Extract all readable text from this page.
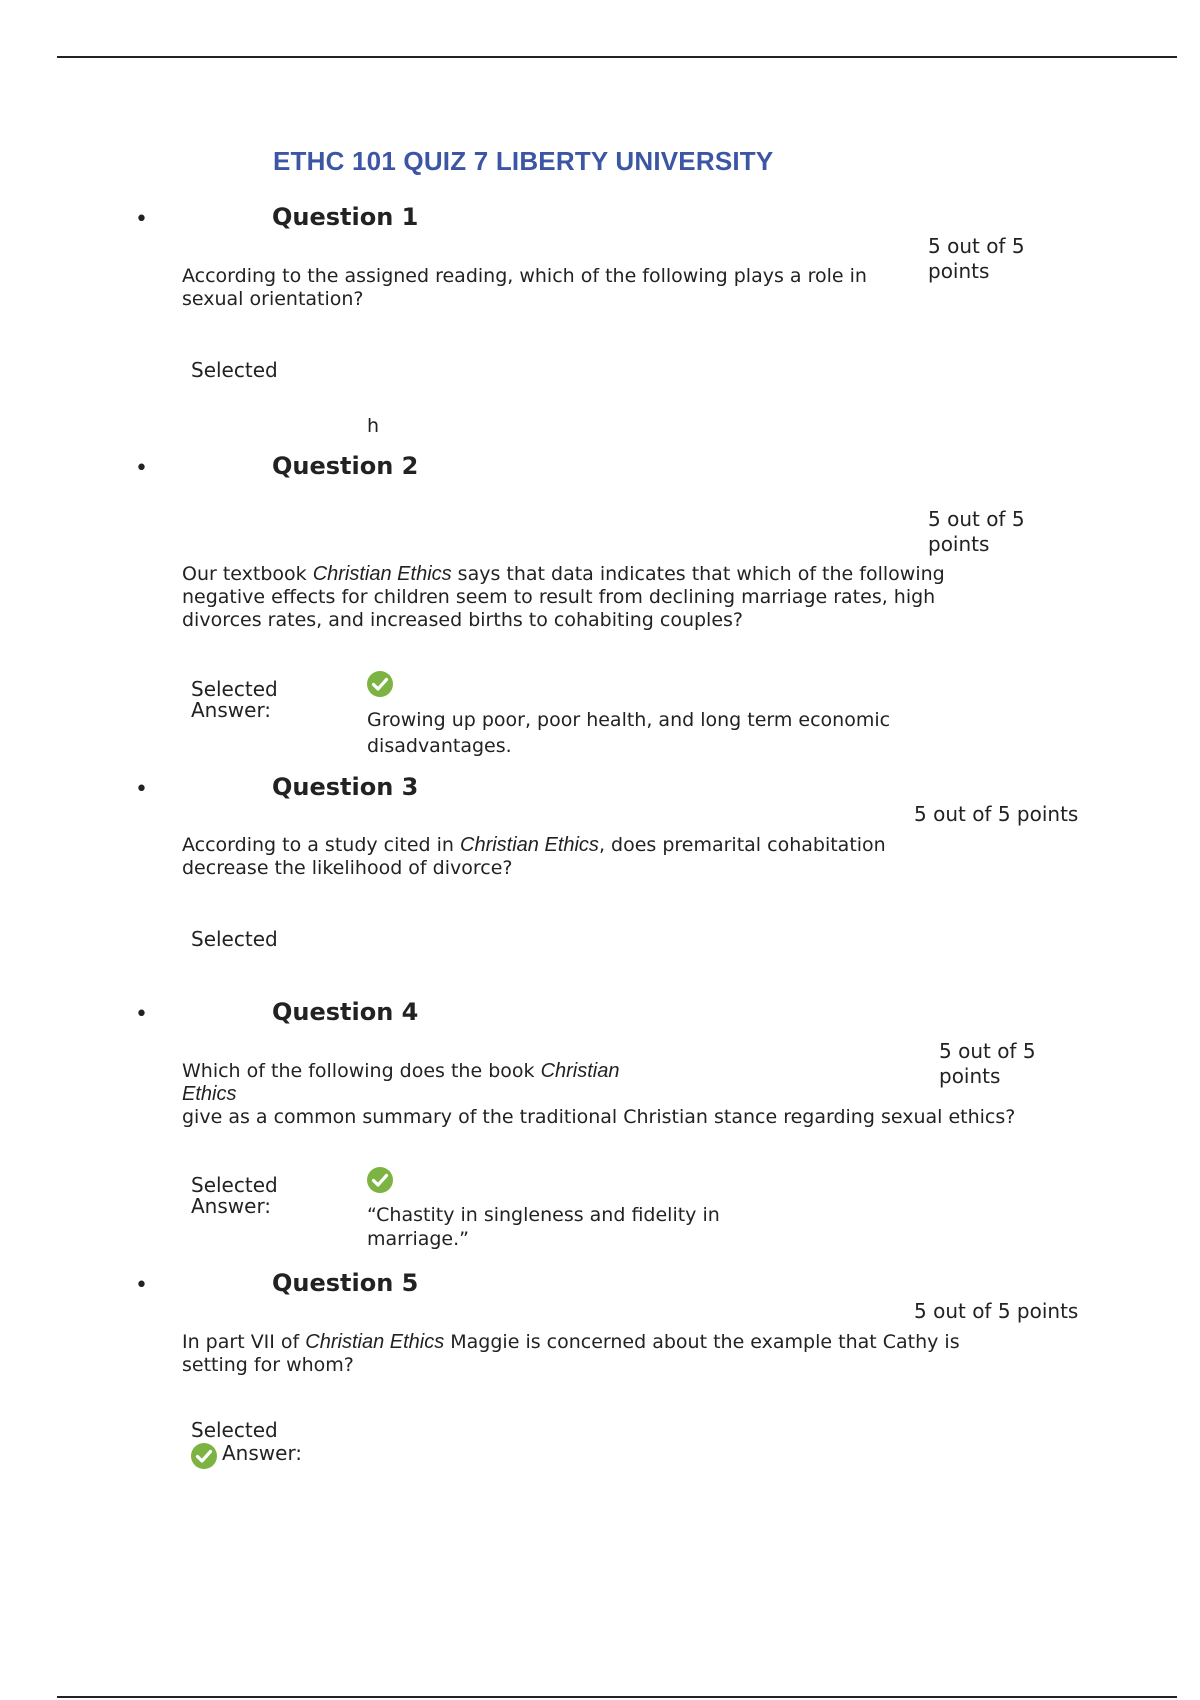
ETHC 101 QUIZ 7 LIBERTY UNIVERSITY
•	Question 1
5 out of 5 points
According to the assigned reading, which of the following plays a role in sexual orientation?
Selected
h
•	Question 2
5 out of 5 points
Our textbook Christian Ethics says that data indicates that which of the following negative effects for children seem to result from declining marriage rates, high divorces rates, and increased births to cohabiting couples?
Selected
Answer:	Growing up poor, poor health, and long term economic disadvantages.
•	Question 3
5 out of 5 points
According to a study cited in Christian Ethics, does premarital cohabitation decrease the likelihood of divorce?
Selected
•	Question 4
5 out of 5 points
Which of the following does the book Christian
Ethics
give as a common summary of the traditional Christian stance regarding sexual ethics?
Selected
Answer:	“Chastity in singleness and fidelity in marriage.”
•	Question 5
5 out of 5 points
In part VII of Christian Ethics Maggie is concerned about the example that Cathy is setting for whom?
Selected
Answer:
